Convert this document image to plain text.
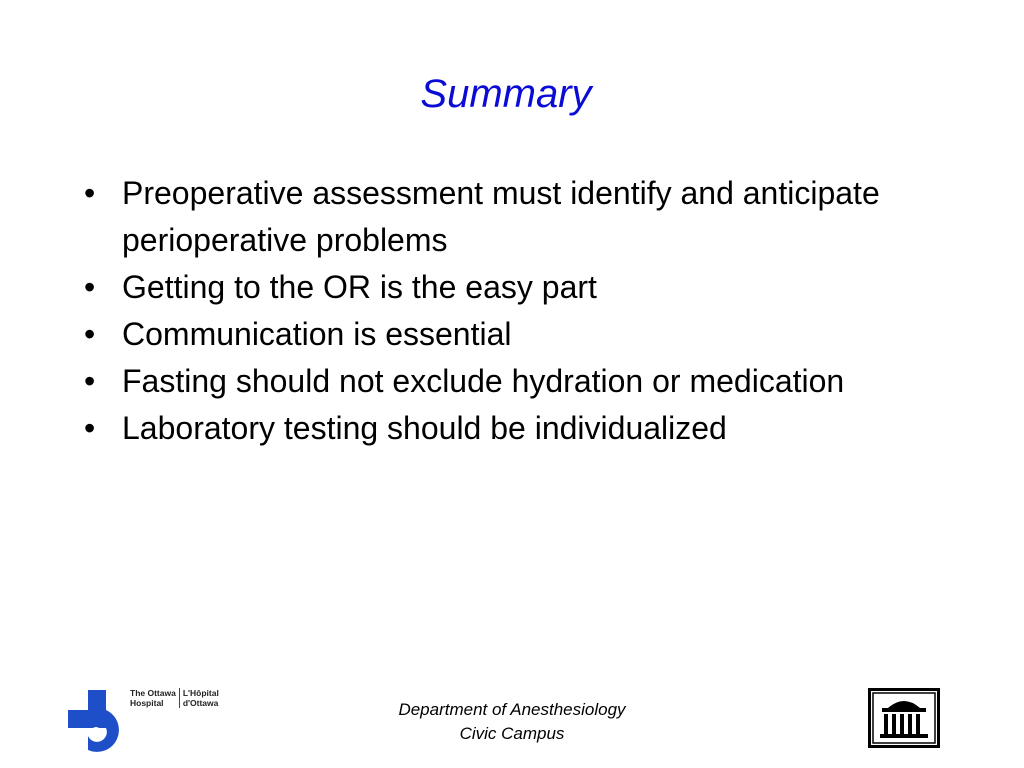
Summary
• Preoperative assessment must identify and anticipate perioperative problems
• Getting to the OR is the easy part
• Communication is essential
• Fasting should not exclude hydration or medication
• Laboratory testing should be individualized
The Ottawa
HospitalL'Hôpital
d'Ottawa	Department of Anesthesiology
Civic Campus
